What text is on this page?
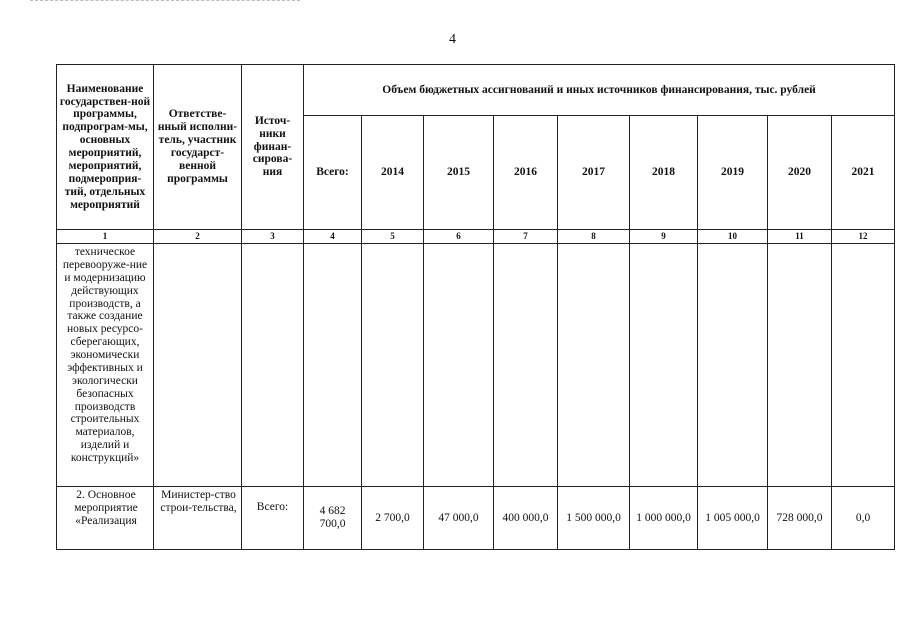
4
Наименование государствен-ной программы, подпрограм-мы, основных мероприятий, мероприятий, подмероприя-тий, отдельных мероприятий	Ответстве-нный исполни-тель, участник государст-венной программы	Источ-ники финан-сирова-ния	Объем бюджетных ассигнований и иных источников финансирования, тыс. рублей								
			Всего:	2014	2015	2016	2017	2018	2019	2020	2021
1	2	3	4	5	6	7	8	9	10	11	12
техническое перевооруже-ние и модернизацию действующих производств, а также создание новых ресурсо-сберегающих, экономически эффективных и экологически безопасных производств строительных материалов, изделий и конструкций»											
2. Основное мероприятие «Реализация	Министер-ство строи-тельства,	Всего:	4 682 700,0	2 700,0	47 000,0	400 000,0	1 500 000,0	1 000 000,0	1 005 000,0	728 000,0	0,0
